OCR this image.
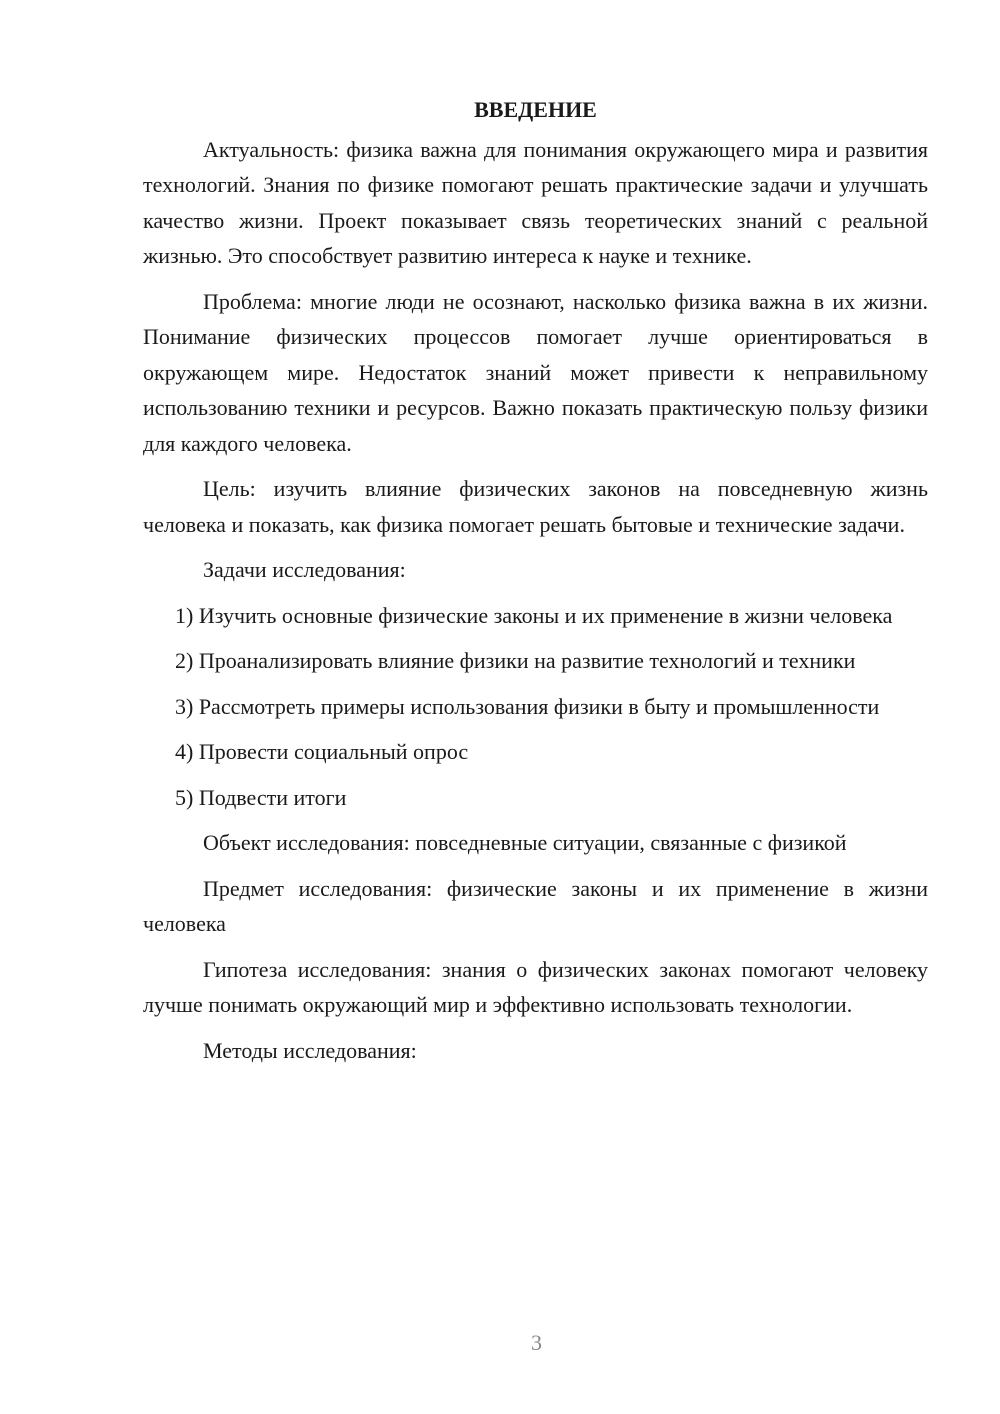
ВВЕДЕНИЕ

Актуальность: физика важна для понимания окружающего мира и развития технологий. Знания по физике помогают решать практические задачи и улучшать качество жизни. Проект показывает связь теоретических знаний с реальной жизнью. Это способствует развитию интереса к науке и технике.

Проблема: многие люди не осознают, насколько физика важна в их жизни. Понимание физических процессов помогает лучше ориентироваться в окружающем мире. Недостаток знаний может привести к неправильному использованию техники и ресурсов. Важно показать практическую пользу физики для каждого человека.

Цель: изучить влияние физических законов на повседневную жизнь человека и показать, как физика помогает решать бытовые и технические задачи.

Задачи исследования:

1) Изучить основные физические законы и их применение в жизни человека

2) Проанализировать влияние физики на развитие технологий и техники

3) Рассмотреть примеры использования физики в быту и промышленности

4) Провести социальный опрос

5) Подвести итоги

Объект исследования: повседневные ситуации, связанные с физикой

Предмет исследования: физические законы и их применение в жизни человека

Гипотеза исследования: знания о физических законах помогают человеку лучше понимать окружающий мир и эффективно использовать технологии.

Методы исследования:

3
